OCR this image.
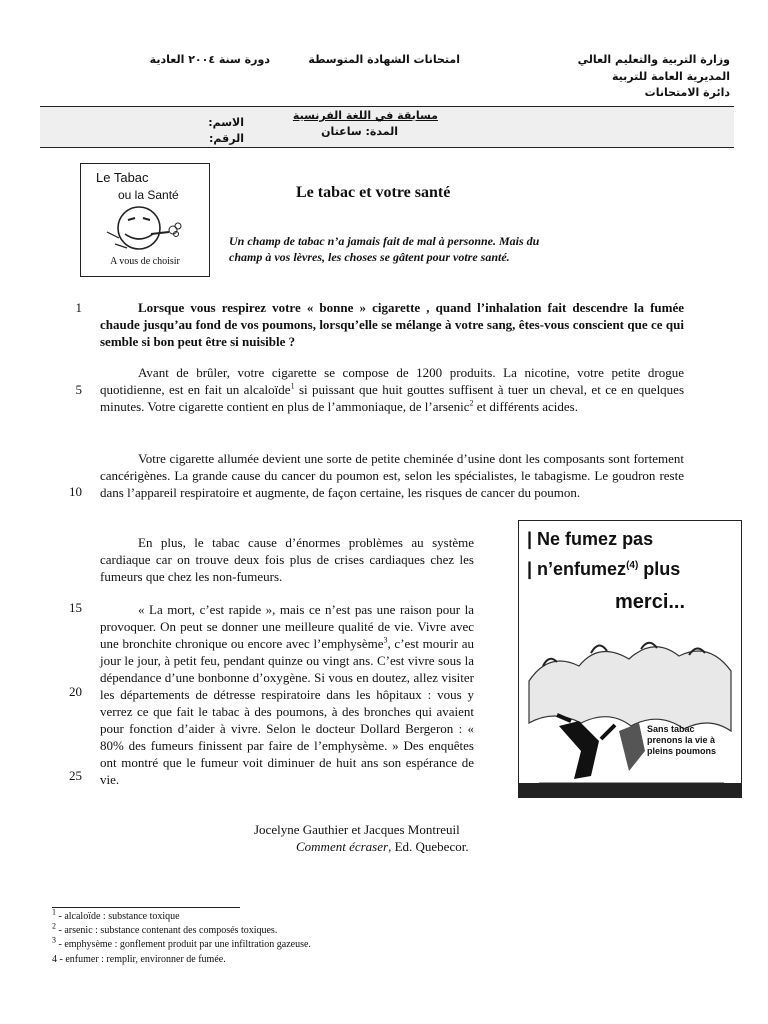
وزارة التربية والتعليم العالي
المديرية العامة للتربية
دائرة الامتحانات
امتحانات الشهادة المتوسطة
دورة سنة ٢٠٠٤ العادية
مسابقة في اللغة الفرنسية
المدة: ساعتان
الاسم:
الرقم:
Le Tabac
ou la Santé
A vous de choisir
Le tabac et votre santé
Un champ de tabac n’a jamais fait de mal à personne. Mais du champ à vos lèvres, les choses se gâtent pour votre santé.
1
5
10
15
20
25

Lorsque vous respirez votre « bonne » cigarette , quand l’inhalation fait descendre la fumée chaude jusqu’au fond de vos poumons, lorsqu’elle se mélange à votre sang, êtes-vous conscient que ce qui semble si bon peut être si nuisible ?

Avant de brûler, votre cigarette se compose de 1200 produits. La nicotine, votre petite drogue quotidienne, est en fait un alcaloïde$^1$ si puissant que huit gouttes suffisent à tuer un cheval, et ce en quelques minutes. Votre cigarette contient en plus de l’ammoniaque, de l’arsenic$^2$ et différents acides.

Votre cigarette allumée devient une sorte de petite cheminée d’usine dont les composants sont fortement cancérigènes. La grande cause du cancer du poumon est, selon les spécialistes, le tabagisme. Le goudron reste dans l’appareil respiratoire et augmente, de façon certaine, les risques de cancer du poumon.

En plus, le tabac cause d’énormes problèmes au système cardiaque car on trouve deux fois plus de crises cardiaques chez les fumeurs que chez les non-fumeurs.

« La mort, c’est rapide », mais ce n’est pas une raison pour la provoquer. On peut se donner une meilleure qualité de vie. Vivre avec une bronchite chronique ou encore avec l’emphysème$^3$, c’est mourir au jour le jour, à petit feu, pendant quinze ou vingt ans. C’est vivre sous la dépendance d’une bonbonne d’oxygène. Si vous en doutez, allez visiter les départements de détresse respiratoire dans les hôpitaux : vous y verrez ce que fait le tabac à des poumons, à des bronches qui avaient pour fonction d’aider à vivre. Selon le docteur Dollard Bergeron : « 80% des fumeurs finissent par faire de l’emphysème. » Des enquêtes ont montré que le fumeur voit diminuer de huit ans son espérance de vie.

| Ne fumez pas
| n’enfumez$^{(4)}$ plus
merci...
Sans tabac prenons la vie à pleins poumons
Jocelyne Gauthier et Jacques Montreuil
Comment écraser, Ed. Quebecor.
$^1$ - alcaloïde : substance toxique
$^2$ - arsenic : substance contenant des composés toxiques.
$^3$ - emphysème : gonflement produit par une infiltration gazeuse.
4 - enfumer : remplir, environner de fumée.
